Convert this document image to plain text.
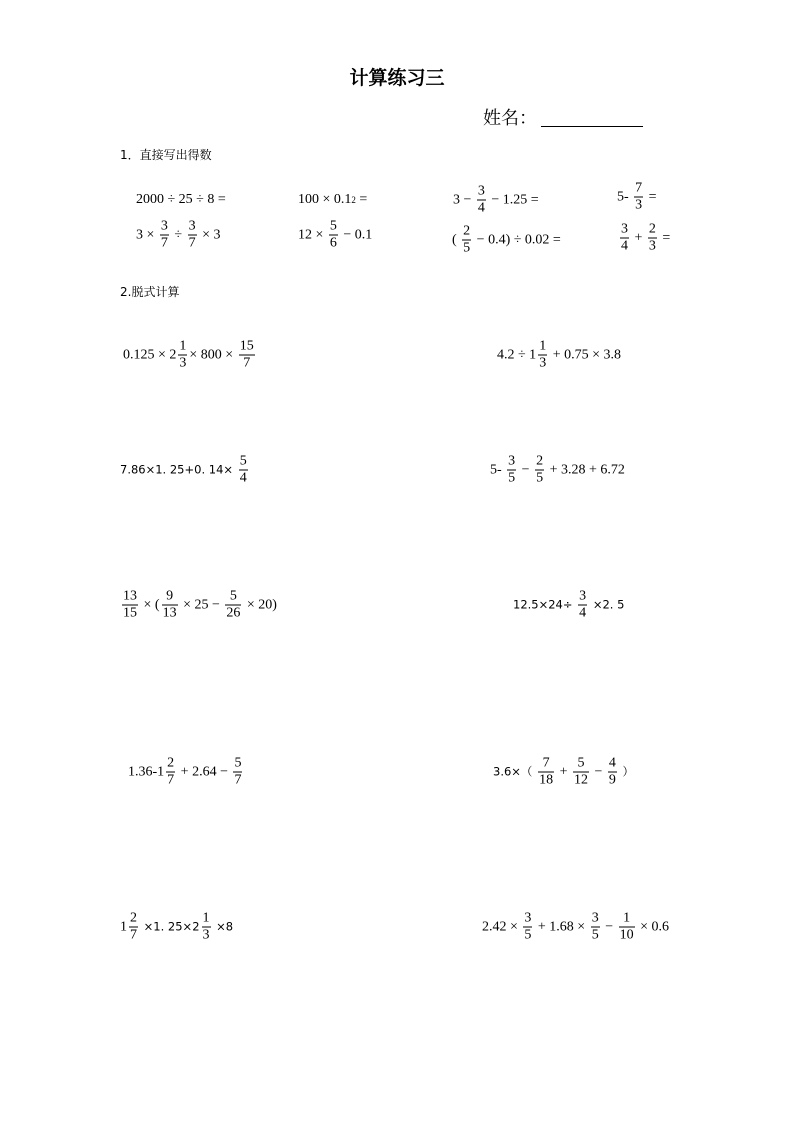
计算练习三
姓名：
1．直接写出得数
2000 ÷ 25 ÷ 8 =	100 × 0.1 2 =	$3 - \frac{3}{4} - 1.25$ =	$5- \frac{7}{3}$ =
$3 \times \frac{3}{7} \div \frac{3}{7} \times 3$	$12 \times \frac{5}{6} - 0.1$	( $\frac{2}{5} - 0.4) \div 0.02$ =	$\frac{3}{4} + \frac{2}{3}$ =
2.脱式计算
$0.125 \times 2 \frac{1}{3} \times 800 \times \frac{15}{7}$	$4.2 \div 1 \frac{1}{3} + 0.75 \times 3.8$
7.86×1. 25+0. $14\times \frac{5}{4}$	$5- \frac{3}{5} - \frac{2}{5} + 3.28 + 6.72$
$\frac{13}{15}$ × ( $\frac{9}{13} \times 25 - \frac{5}{26} \times 20$)	$12.5\times 24\div \frac{3}{4} \times 2$. 5
$1.36-1 \frac{2}{7} + 2.64 - \frac{5}{7}$	$3.6\times( \frac{7}{18} + \frac{5}{12} - \frac{4}{9}$ ）
$1 \frac{2}{7} \times 1$. $25\times 2 \frac{1}{3} \times 8$	$2.42 \times \frac{3}{5} + 1.68 \times \frac{3}{5} - \frac{1}{10} \times 0.6$
